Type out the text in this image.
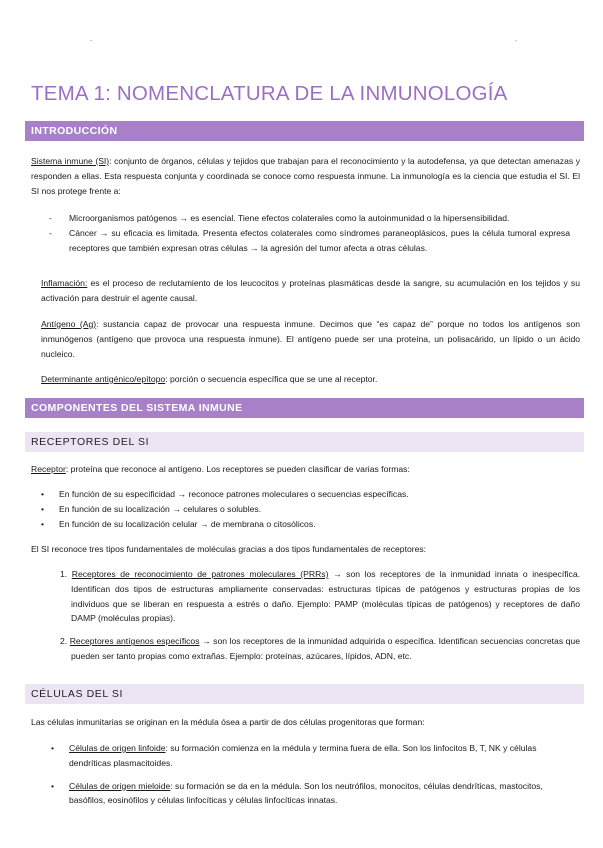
.	.
TEMA 1: NOMENCLATURA DE LA INMUNOLOGÍA
INTRODUCCIÓN

Sistema inmune (SI): conjunto de órganos, células y tejidos que trabajan para el reconocimiento y la autodefensa, ya que detectan amenazas y responden a ellas. Esta respuesta conjunta y coordinada se conoce como respuesta inmune. La inmunología es la ciencia que estudia el SI. El SI nos protege frente a:

- Microorganismos patógenos → es esencial. Tiene efectos colaterales como la autoinmunidad o la hipersensibilidad.
- Cáncer → su eficacia es limitada. Presenta efectos colaterales como síndromes paraneoplásicos, pues la célula tumoral expresa receptores que también expresan otras células → la agresión del tumor afecta a otras células.

Inflamación: es el proceso de reclutamiento de los leucocitos y proteínas plasmáticas desde la sangre, su acumulación en los tejidos y su activación para destruir el agente causal.

Antígeno (Ag): sustancia capaz de provocar una respuesta inmune. Decimos que “es capaz de” porque no todos los antígenos son inmunógenos (antígeno que provoca una respuesta inmune). El antígeno puede ser una proteína, un polisacárido, un lípido o un ácido nucleico.

Determinante antigénico/epítopo: porción o secuencia específica que se une al receptor.

COMPONENTES DEL SISTEMA INMUNE
RECEPTORES DEL SI

Receptor: proteína que reconoce al antígeno. Los receptores se pueden clasificar de varias formas:

• En función de su especificidad → reconoce patrones moleculares o secuencias específicas.
• En función de su localización → celulares o solubles.
• En función de su localización celular → de membrana o citosólicos.

El SI reconoce tres tipos fundamentales de moléculas gracias a dos tipos fundamentales de receptores:

1. Receptores de reconocimiento de patrones moleculares (PRRs) → son los receptores de la inmunidad innata o inespecífica. Identifican dos tipos de estructuras ampliamente conservadas: estructuras típicas de patógenos y estructuras propias de los individuos que se liberan en respuesta a estrés o daño. Ejemplo: PAMP (moléculas típicas de patógenos) y receptores de daño DAMP (moléculas propias).
2. Receptores antígenos específicos → son los receptores de la inmunidad adquirida o específica. Identifican secuencias concretas que pueden ser tanto propias como extrañas. Ejemplo: proteínas, azúcares, lípidos, ADN, etc.
CÉLULAS DEL SI

Las células inmunitarias se originan en la médula ósea a partir de dos células progenitoras que forman:

• Células de origen linfoide: su formación comienza en la médula y termina fuera de ella. Son los linfocitos B, T, NK y células dendríticas plasmacitoides.
• Células de origen mieloide: su formación se da en la médula. Son los neutrófilos, monocitos, células dendríticas, mastocitos, basófilos, eosinófilos y células linfocíticas y células linfocíticas innatas.
